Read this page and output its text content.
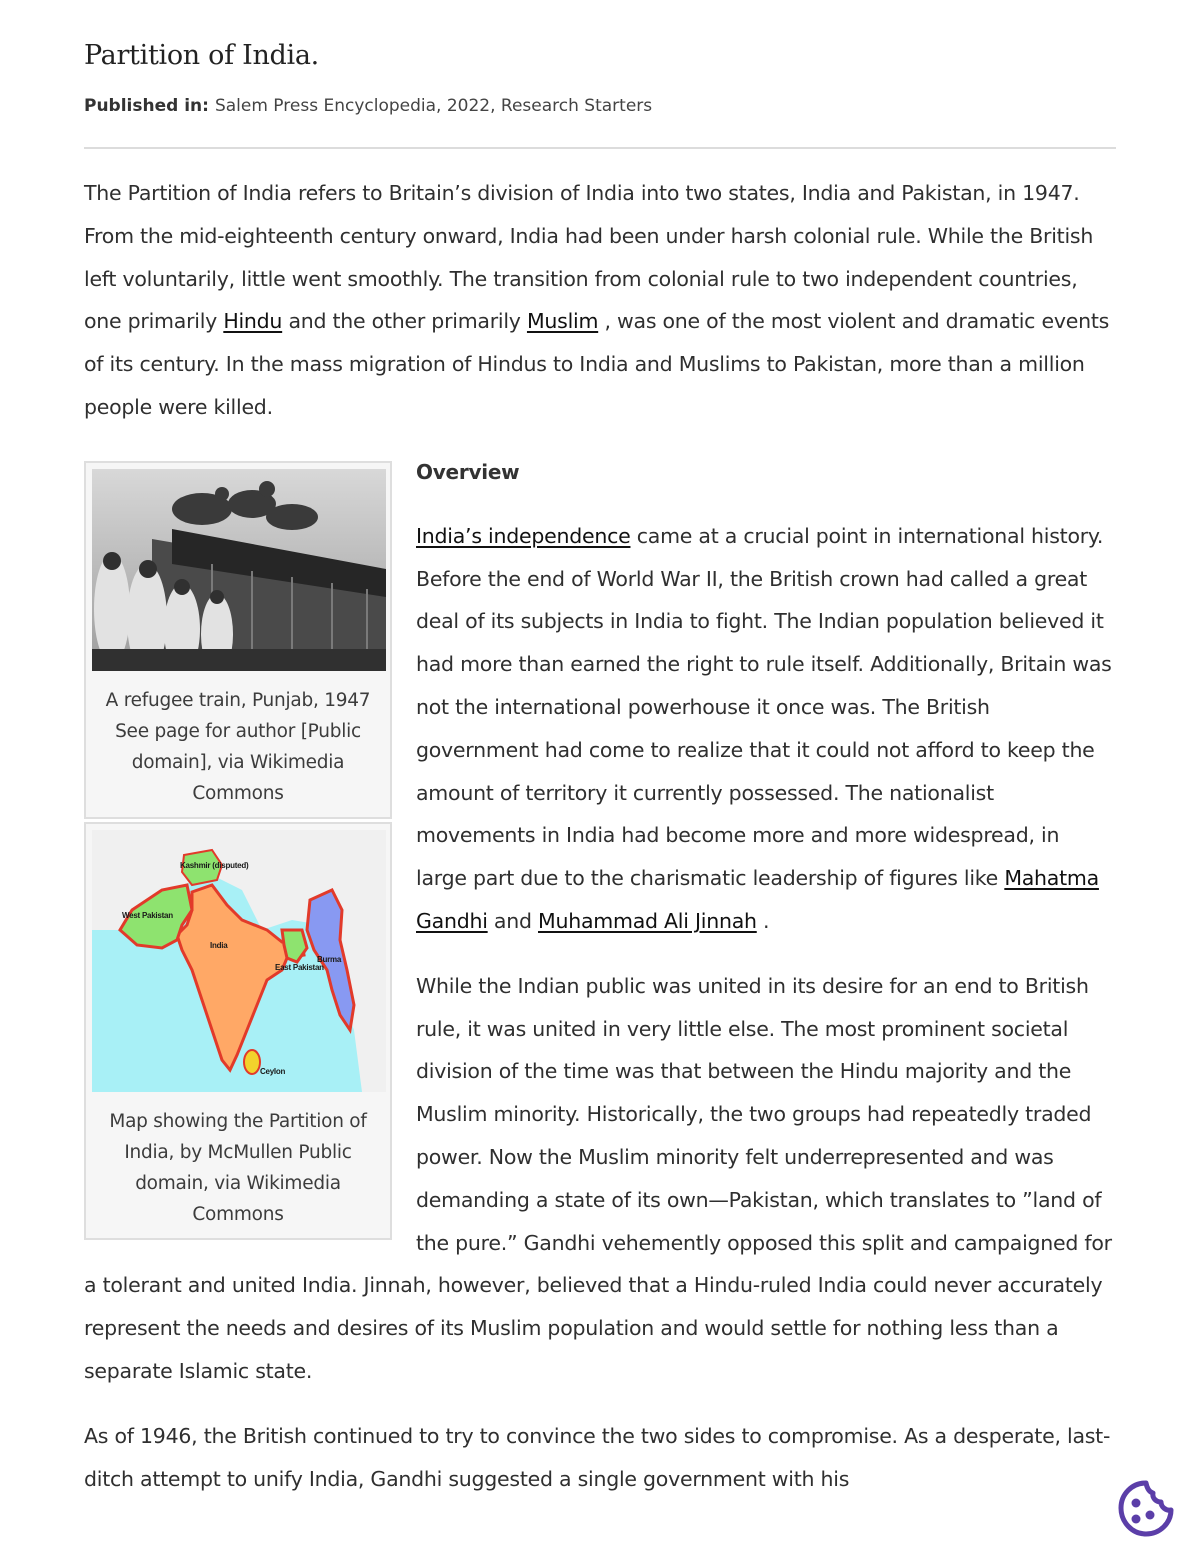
Partition of India.
Published in: Salem Press Encyclopedia, 2022, Research Starters

The Partition of India refers to Britain’s division of India into two states, India and Pakistan, in 1947. From the mid-eighteenth century onward, India had been under harsh colonial rule. While the British left voluntarily, little went smoothly. The transition from colonial rule to two independent countries, one primarily Hindu and the other primarily Muslim , was one of the most violent and dramatic events of its century. In the mass migration of Hindus to India and Muslims to Pakistan, more than a million people were killed.

A refugee train, Punjab, 1947 See page for author [Public domain], via Wikimedia Commons
Kashmir (disputed)
West Pakistan
India
East Pakistan
Burma
Ceylon
Map showing the Partition of India, by McMullen Public domain, via Wikimedia Commons
Overview

India’s independence came at a crucial point in international history. Before the end of World War II, the British crown had called a great deal of its subjects in India to fight. The Indian population believed it had more than earned the right to rule itself. Additionally, Britain was not the international powerhouse it once was. The British government had come to realize that it could not afford to keep the amount of territory it currently possessed. The nationalist movements in India had become more and more widespread, in large part due to the charismatic leadership of figures like Mahatma Gandhi and Muhammad Ali Jinnah .

While the Indian public was united in its desire for an end to British rule, it was united in very little else. The most prominent societal division of the time was that between the Hindu majority and the Muslim minority. Historically, the two groups had repeatedly traded power. Now the Muslim minority felt underrepresented and was demanding a state of its own—Pakistan, which translates to ”land of the pure.” Gandhi vehemently opposed this split and campaigned for a tolerant and united India. Jinnah, however, believed that a Hindu-ruled India could never accurately represent the needs and desires of its Muslim population and would settle for nothing less than a separate Islamic state.

As of 1946, the British continued to try to convince the two sides to compromise. As a desperate, last-ditch attempt to unify India, Gandhi suggested a single government with his
